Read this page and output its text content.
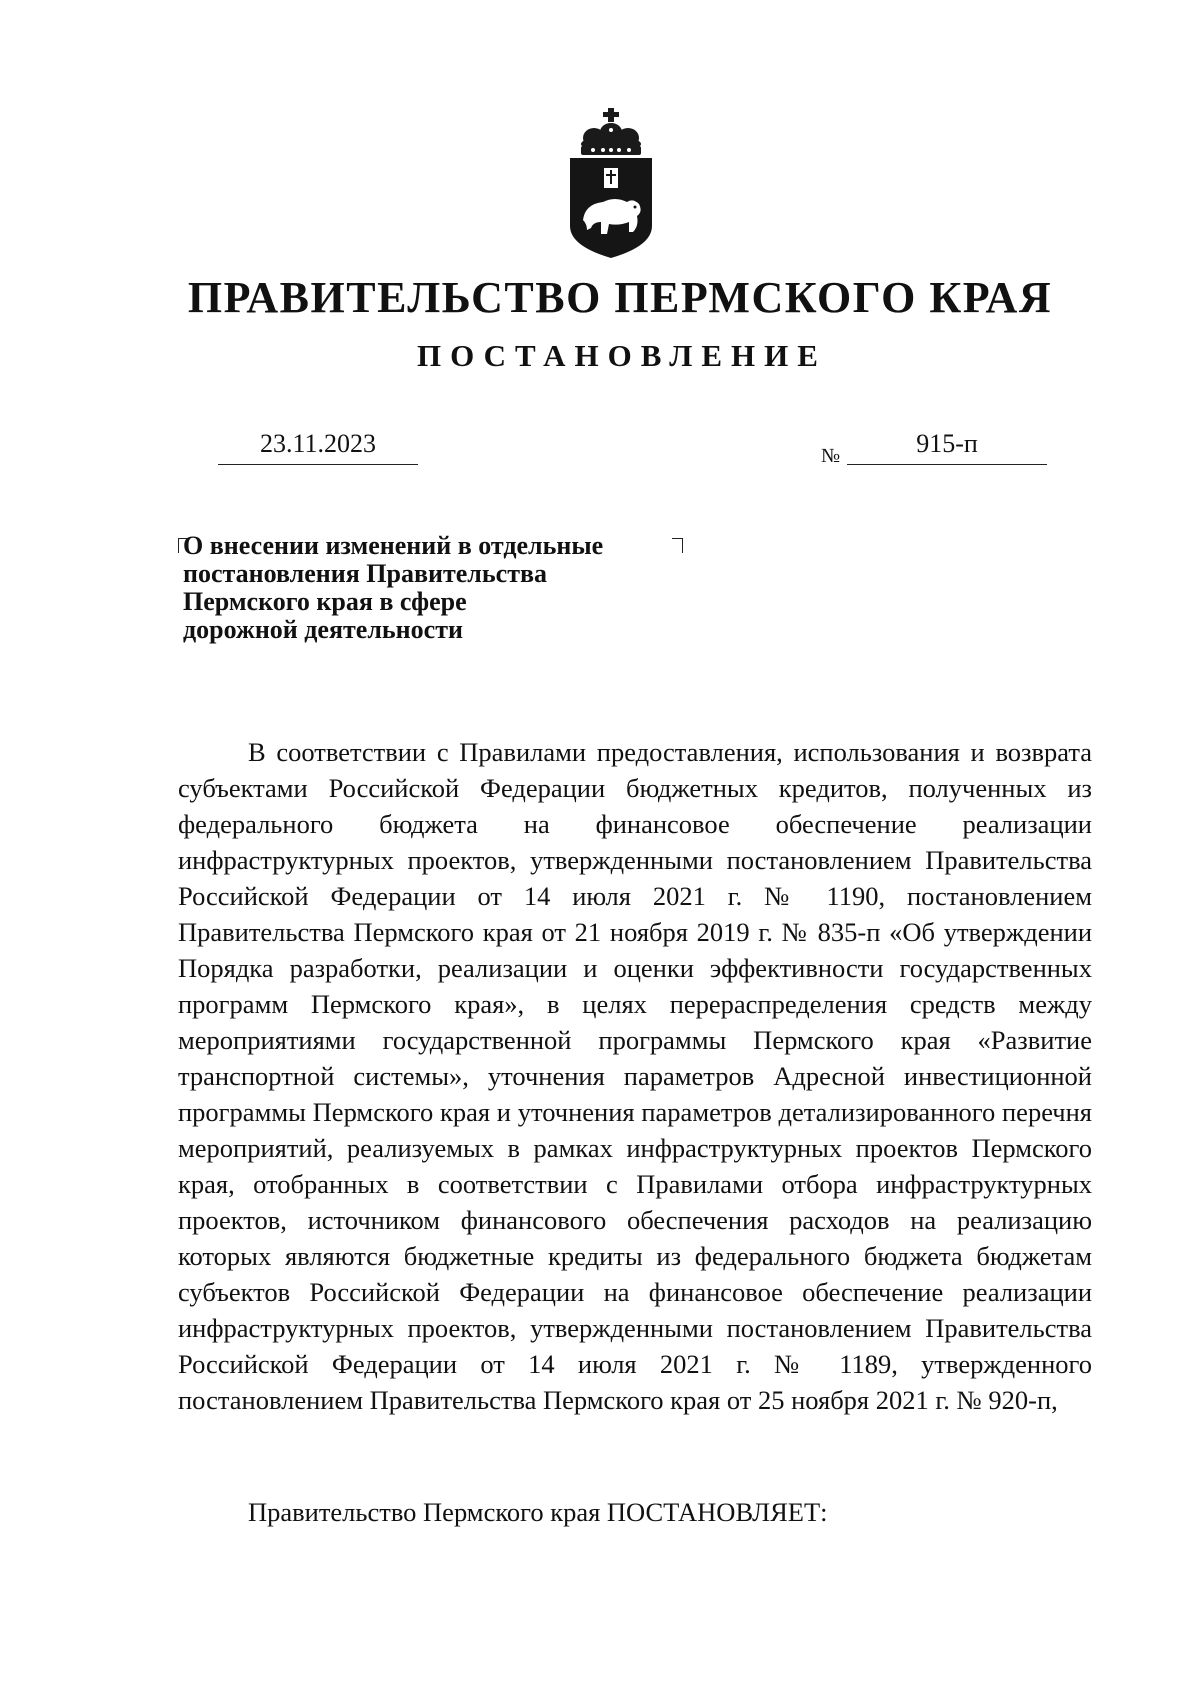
ПРАВИТЕЛЬСТВО ПЕРМСКОГО КРАЯ
ПОСТАНОВЛЕНИЕ
23.11.2023	№	915-п
О внесении изменений в отдельные
постановления Правительства
Пермского края в сфере
дорожной деятельности

В соответствии с Правилами предоставления, использования и возврата субъектами Российской Федерации бюджетных кредитов, полученных из федерального бюджета на финансовое обеспечение реализации инфраструктурных проектов, утвержденными постановлением Правительства Российской Федерации от 14 июля 2021 г. № 1190, постановлением Правительства Пермского края от 21 ноября 2019 г. № 835-п «Об утверждении Порядка разработки, реализации и оценки эффективности государственных программ Пермского края», в целях перераспределения средств между мероприятиями государственной программы Пермского края «Развитие транспортной системы», уточнения параметров Адресной инвестиционной программы Пермского края и уточнения параметров детализированного перечня мероприятий, реализуемых в рамках инфраструктурных проектов Пермского края, отобранных в соответствии с Правилами отбора инфраструктурных проектов, источником финансового обеспечения расходов на реализацию которых являются бюджетные кредиты из федерального бюджета бюджетам субъектов Российской Федерации на финансовое обеспечение реализации инфраструктурных проектов, утвержденными постановлением Правительства Российской Федерации от 14 июля 2021 г. № 1189, утвержденного постановлением Правительства Пермского края от 25 ноября 2021 г. № 920-п,

Правительство Пермского края ПОСТАНОВЛЯЕТ:
